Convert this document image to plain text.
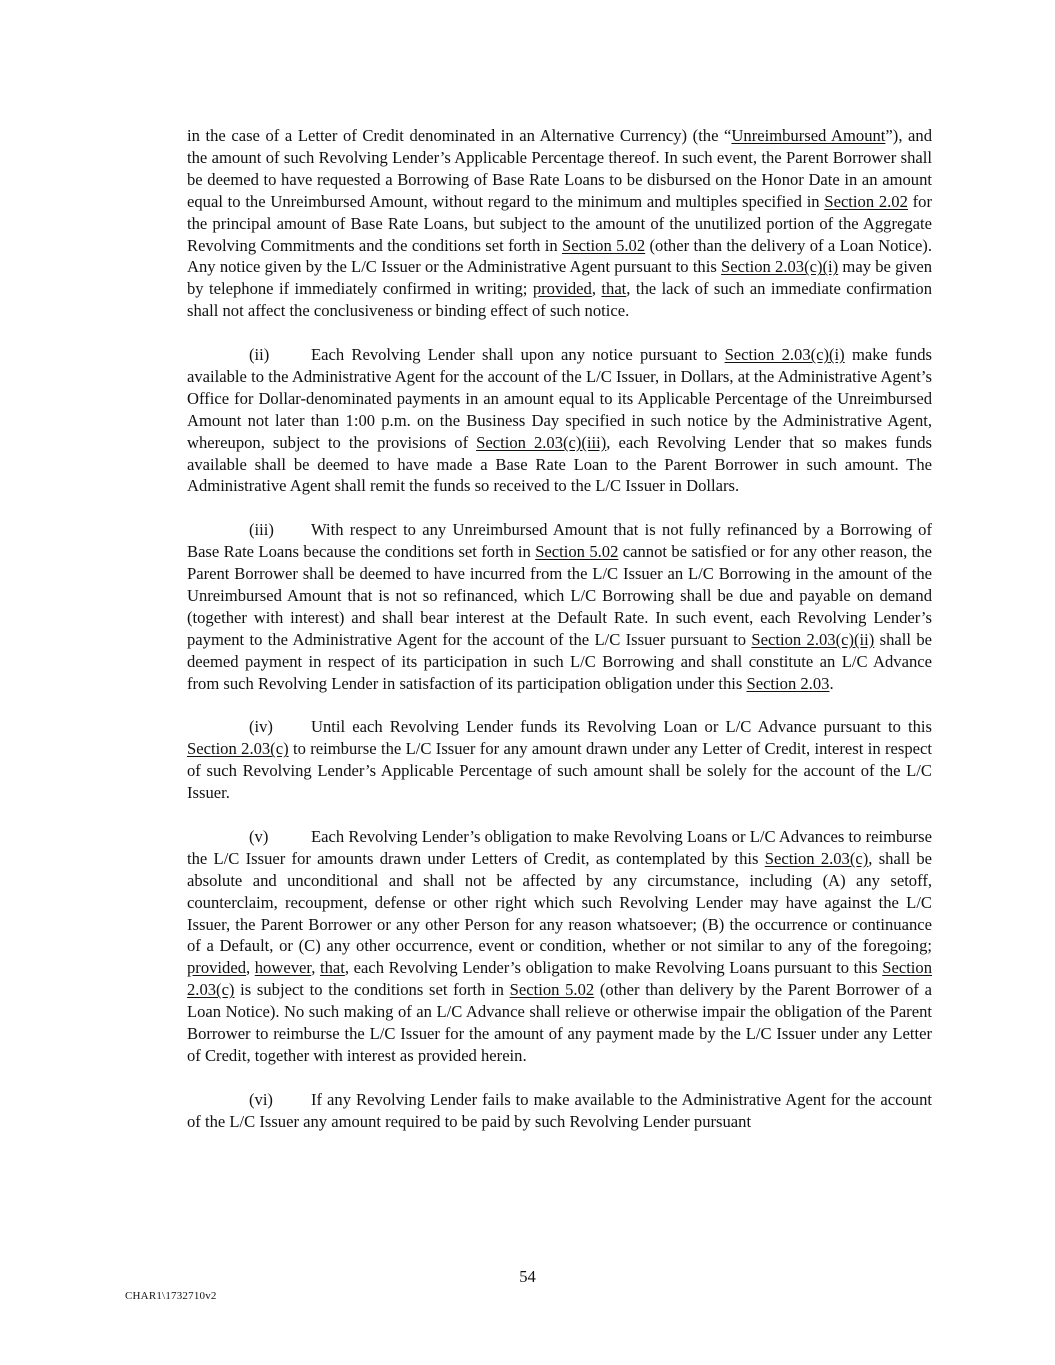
in the case of a Letter of Credit denominated in an Alternative Currency) (the “Unreimbursed Amount”), and the amount of such Revolving Lender’s Applicable Percentage thereof. In such event, the Parent Borrower shall be deemed to have requested a Borrowing of Base Rate Loans to be disbursed on the Honor Date in an amount equal to the Unreimbursed Amount, without regard to the minimum and multiples specified in Section 2.02 for the principal amount of Base Rate Loans, but subject to the amount of the unutilized portion of the Aggregate Revolving Commitments and the conditions set forth in Section 5.02 (other than the delivery of a Loan Notice). Any notice given by the L/C Issuer or the Administrative Agent pursuant to this Section 2.03(c)(i) may be given by telephone if immediately confirmed in writing; provided, that, the lack of such an immediate confirmation shall not affect the conclusiveness or binding effect of such notice.

(ii)	Each Revolving Lender shall upon any notice pursuant to Section 2.03(c)(i) make funds available to the Administrative Agent for the account of the L/C Issuer, in Dollars, at the Administrative Agent’s Office for Dollar-denominated payments in an amount equal to its Applicable Percentage of the Unreimbursed Amount not later than 1:00 p.m. on the Business Day specified in such notice by the Administrative Agent, whereupon, subject to the provisions of Section 2.03(c)(iii), each Revolving Lender that so makes funds available shall be deemed to have made a Base Rate Loan to the Parent Borrower in such amount. The Administrative Agent shall remit the funds so received to the L/C Issuer in Dollars.

(iii) With respect to any Unreimbursed Amount that is not fully refinanced by a Borrowing of Base Rate Loans because the conditions set forth in Section 5.02 cannot be satisfied or for any other reason, the Parent Borrower shall be deemed to have incurred from the L/C Issuer an L/C Borrowing in the amount of the Unreimbursed Amount that is not so refinanced, which L/C Borrowing shall be due and payable on demand (together with interest) and shall bear interest at the Default Rate. In such event, each Revolving Lender’s payment to the Administrative Agent for the account of the L/C Issuer pursuant to Section 2.03(c)(ii) shall be deemed payment in respect of its participation in such L/C Borrowing and shall constitute an L/C Advance from such Revolving Lender in satisfaction of its participation obligation under this Section 2.03.

(iv) Until each Revolving Lender funds its Revolving Loan or L/C Advance pursuant to this Section 2.03(c) to reimburse the L/C Issuer for any amount drawn under any Letter of Credit, interest in respect of such Revolving Lender’s Applicable Percentage of such amount shall be solely for the account of the L/C Issuer.

(v)	Each Revolving Lender’s obligation to make Revolving Loans or L/C Advances to reimburse the L/C Issuer for amounts drawn under Letters of Credit, as contemplated by this Section 2.03(c), shall be absolute and unconditional and shall not be affected by any circumstance, including (A) any setoff, counterclaim, recoupment, defense or other right which such Revolving Lender may have against the L/C Issuer, the Parent Borrower or any other Person for any reason whatsoever; (B) the occurrence or continuance of a Default, or (C) any other occurrence, event or condition, whether or not similar to any of the foregoing; provided, however, that, each Revolving Lender’s obligation to make Revolving Loans pursuant to this Section 2.03(c) is subject to the conditions set forth in Section 5.02 (other than delivery by the Parent Borrower of a Loan Notice). No such making of an L/C Advance shall relieve or otherwise impair the obligation of the Parent Borrower to reimburse the L/C Issuer for the amount of any payment made by the L/C Issuer under any Letter of Credit, together with interest as provided herein.

(vi) If any Revolving Lender fails to make available to the Administrative Agent for the account of the L/C Issuer any amount required to be paid by such Revolving Lender pursuant

54
CHAR1\1732710v2
